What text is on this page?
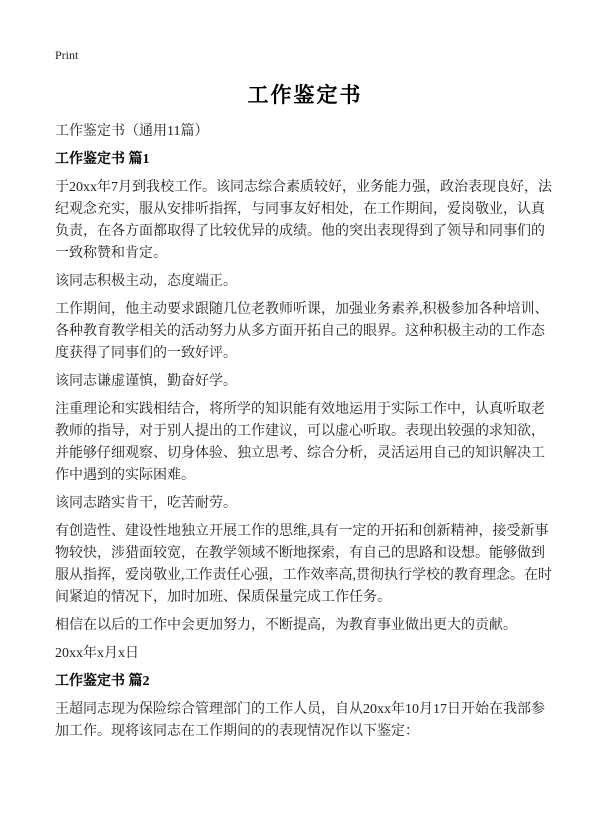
Print
工作鉴定书

工作鉴定书（通用11篇）

工作鉴定书 篇1

于20xx年7月到我校工作。该同志综合素质较好，业务能力强，政治表现良好，法纪观念充实，服从安排听指挥，与同事友好相处，在工作期间，爱岗敬业，认真负责，在各方面都取得了比较优异的成绩。他的突出表现得到了领导和同事们的一致称赞和肯定。

该同志积极主动，态度端正。

工作期间，他主动要求跟随几位老教师听课，加强业务素养,积极参加各种培训、各种教育教学相关的活动努力从多方面开拓自己的眼界。这种积极主动的工作态度获得了同事们的一致好评。

该同志谦虚谨慎，勤奋好学。

注重理论和实践相结合，将所学的知识能有效地运用于实际工作中，认真听取老教师的指导，对于别人提出的工作建议，可以虚心听取。表现出较强的求知欲，并能够仔细观察、切身体验、独立思考、综合分析，灵活运用自己的知识解决工作中遇到的实际困难。

该同志踏实肯干，吃苦耐劳。

有创造性、建设性地独立开展工作的思维,具有一定的开拓和创新精神，接受新事物较快，涉猎面较宽，在教学领域不断地探索，有自己的思路和设想。能够做到服从指挥，爱岗敬业,工作责任心强，工作效率高,贯彻执行学校的教育理念。在时间紧迫的情况下，加时加班、保质保量完成工作任务。

相信在以后的工作中会更加努力，不断提高，为教育事业做出更大的贡献。

20xx年x月x日

工作鉴定书 篇2

王超同志现为保险综合管理部门的工作人员，自从20xx年10月17日开始在我部参加工作。现将该同志在工作期间的的表现情况作以下鉴定：
